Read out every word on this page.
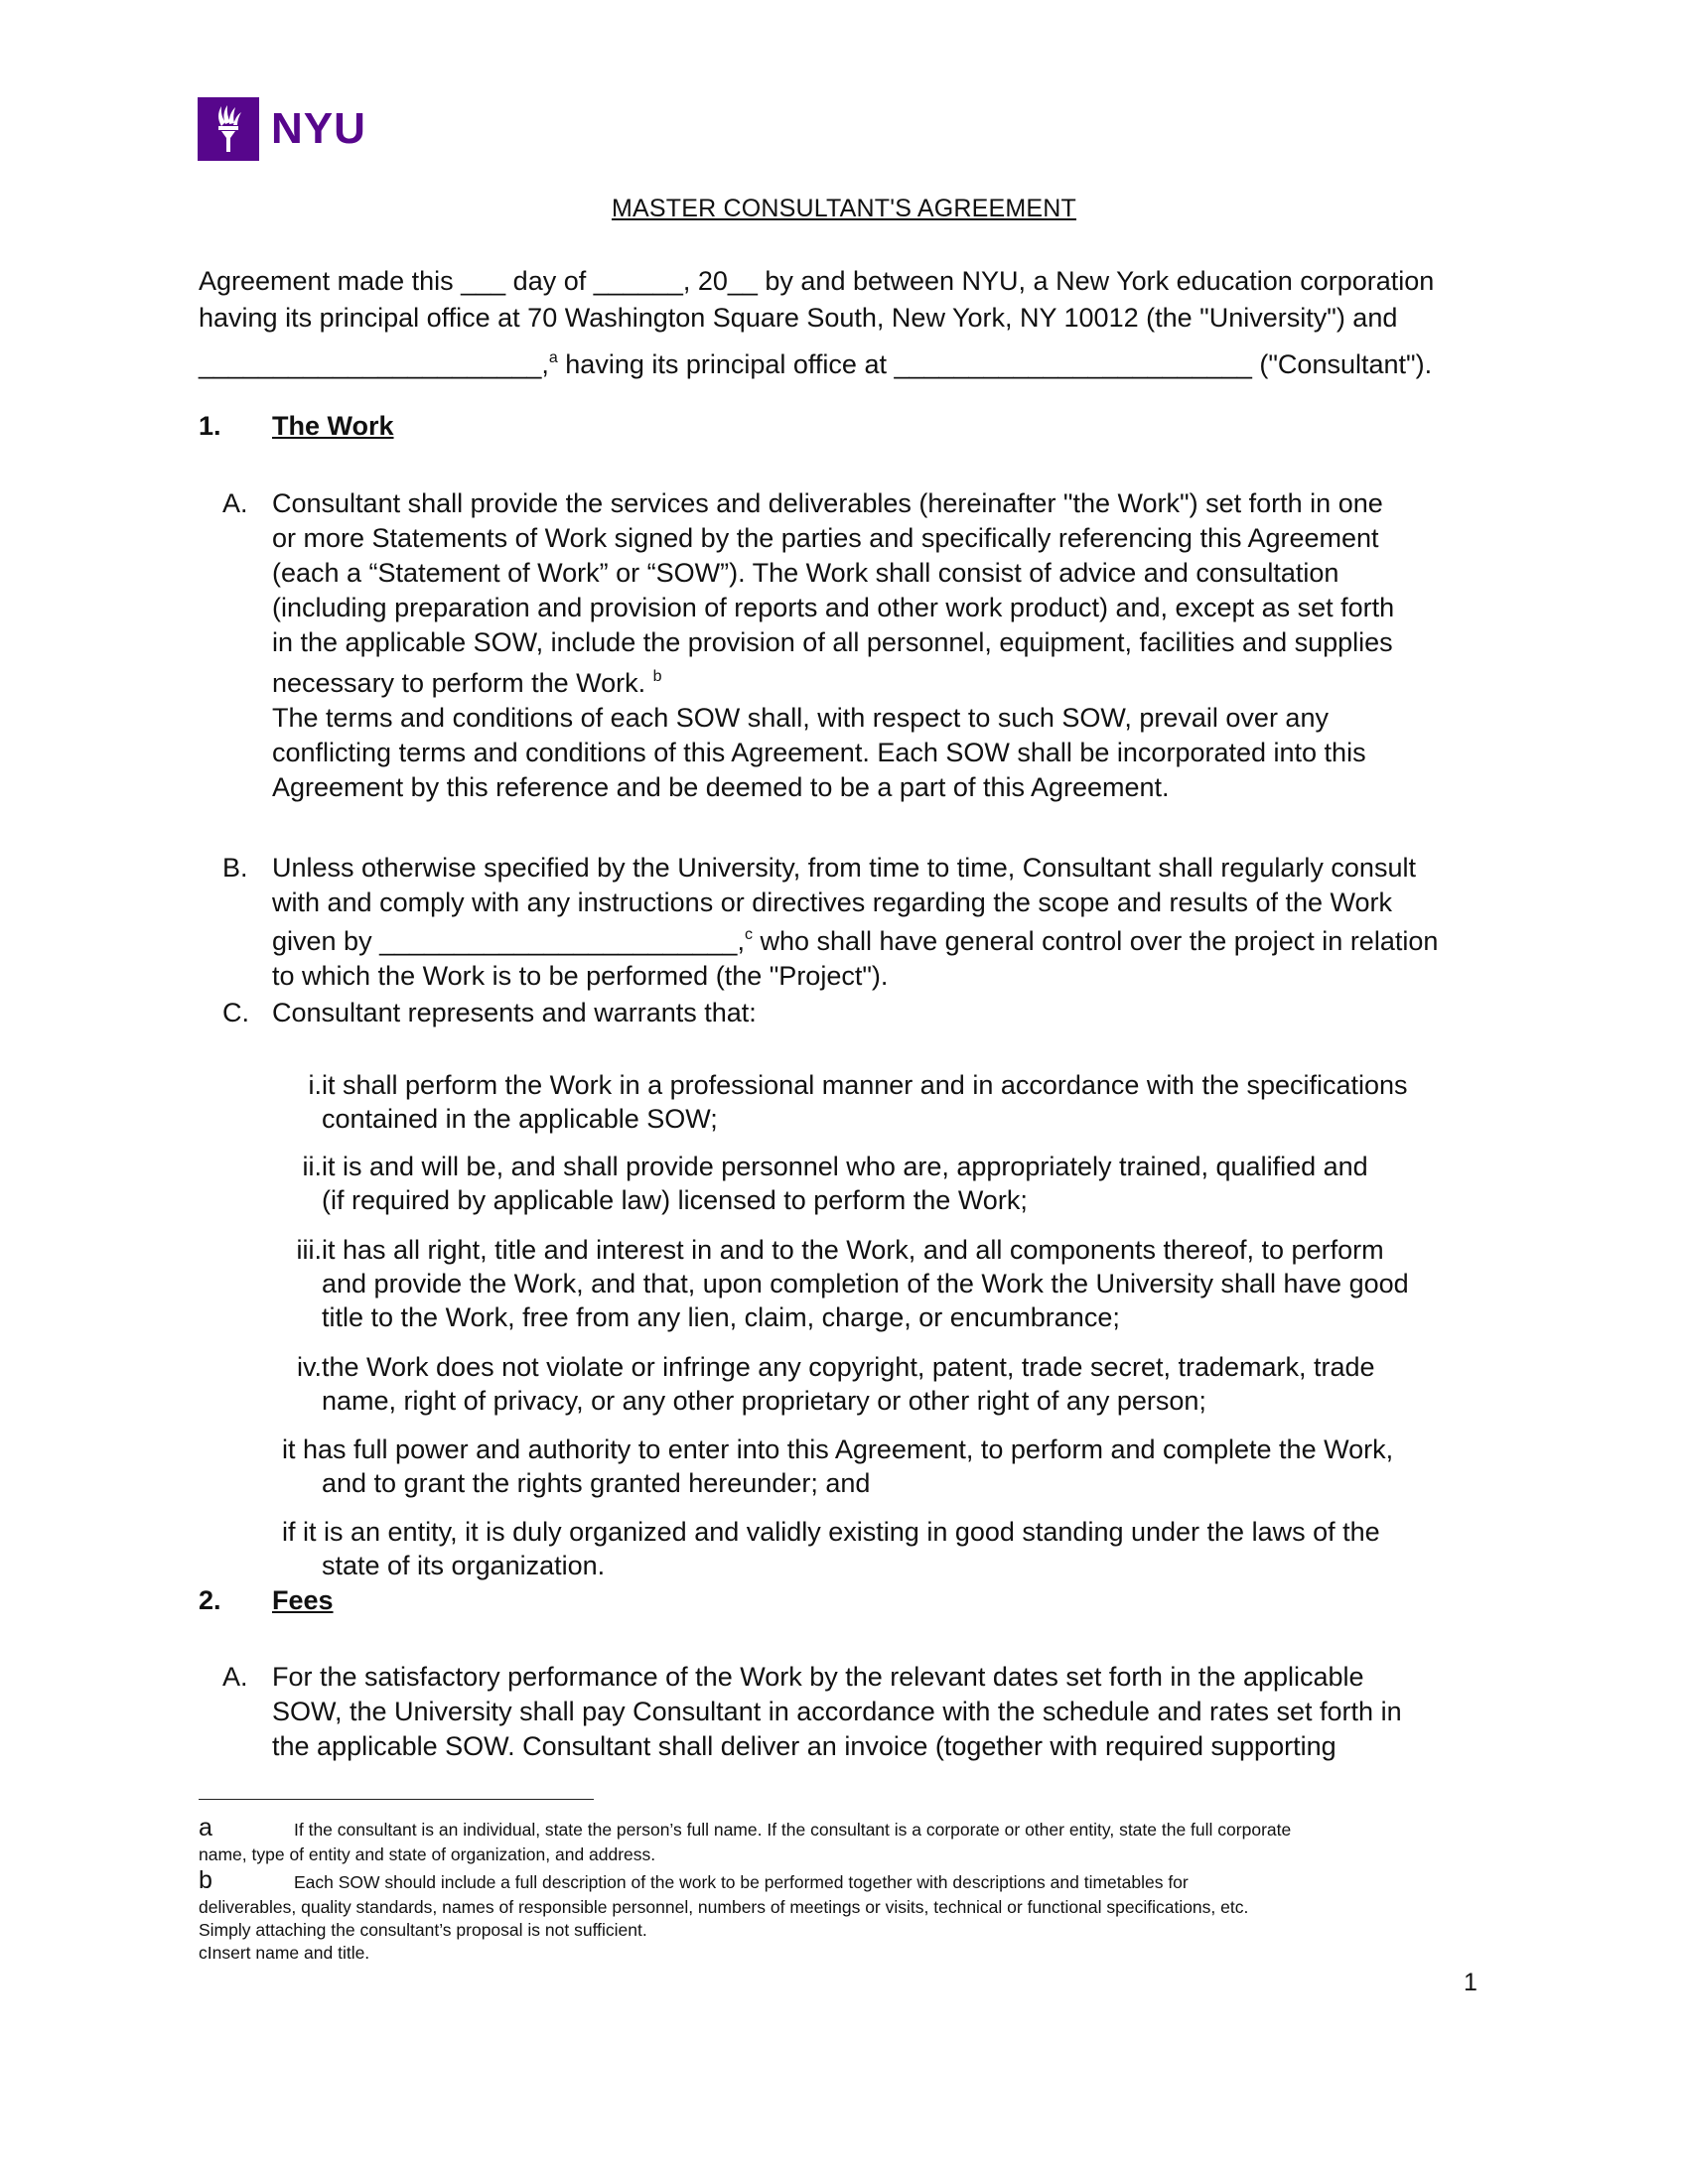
NYU
MASTER CONSULTANT'S AGREEMENT
Agreement made this ___ day of ______, 20__ by and between NYU, a New York education corporation
having its principal office at 70 Washington Square South, New York, NY 10012 (the "University") and
_______________________,$^a$ having its principal office at ________________________ ("Consultant").
1. The Work
A. Consultant shall provide the services and deliverables (hereinafter "the Work") set forth in one
or more Statements of Work signed by the parties and specifically referencing this Agreement
(each a “Statement of Work” or “SOW”). The Work shall consist of advice and consultation
(including preparation and provision of reports and other work product) and, except as set forth
in the applicable SOW, include the provision of all personnel, equipment, facilities and supplies
necessary to perform the Work. $^b$
The terms and conditions of each SOW shall, with respect to such SOW, prevail over any
conflicting terms and conditions of this Agreement. Each SOW shall be incorporated into this
Agreement by this reference and be deemed to be a part of this Agreement.
B. Unless otherwise specified by the University, from time to time, Consultant shall regularly consult
with and comply with any instructions or directives regarding the scope and results of the Work
given by ________________________,$^c$ who shall have general control over the project in relation
to which the Work is to be performed (the "Project").
C. Consultant represents and warrants that:
i. it shall perform the Work in a professional manner and in accordance with the specifications
contained in the applicable SOW;
ii. it is and will be, and shall provide personnel who are, appropriately trained, qualified and
(if required by applicable law) licensed to perform the Work;
iii. it has all right, title and interest in and to the Work, and all components thereof, to perform
and provide the Work, and that, upon completion of the Work the University shall have good
title to the Work, free from any lien, claim, charge, or encumbrance;
iv. the Work does not violate or infringe any copyright, patent, trade secret, trademark, trade
name, right of privacy, or any other proprietary or other right of any person;
it has full power and authority to enter into this Agreement, to perform and complete the Work,
and to grant the rights granted hereunder; and
if it is an entity, it is duly organized and validly existing in good standing under the laws of the
state of its organization.
2. Fees
A. For the satisfactory performance of the Work by the relevant dates set forth in the applicable
SOW, the University shall pay Consultant in accordance with the schedule and rates set forth in
the applicable SOW. Consultant shall deliver an invoice (together with required supporting
a	If the consultant is an individual, state the person’s full name. If the consultant is a corporate or other entity, state the full corporate
name, type of entity and state of organization, and address.
b	Each SOW should include a full description of the work to be performed together with descriptions and timetables for
deliverables, quality standards, names of responsible personnel, numbers of meetings or visits, technical or functional specifications, etc.
Simply attaching the consultant’s proposal is not sufficient.
cInsert name and title.
1
